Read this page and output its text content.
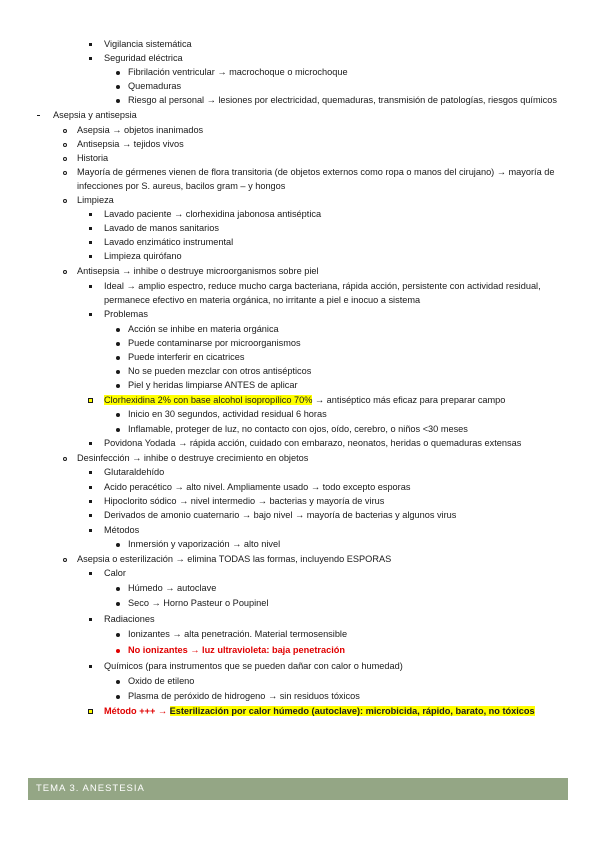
Vigilancia sistemática
Seguridad eléctrica
Fibrilación ventricular → macrochoque o microchoque
Quemaduras
Riesgo al personal → lesiones por electricidad, quemaduras, transmisión de patologías, riesgos químicos
Asepsia y antisepsia
Asepsia → objetos inanimados
Antisepsia → tejidos vivos
Historia
Mayoría de gérmenes vienen de flora transitoria (de objetos externos como ropa o manos del cirujano) → mayoría de
infecciones por S. aureus, bacilos gram – y hongos
Limpieza
Lavado paciente → clorhexidina jabonosa antiséptica
Lavado de manos sanitarios
Lavado enzimático instrumental
Limpieza quirófano
Antisepsia → inhibe o destruye microorganismos sobre piel
Ideal → amplio espectro, reduce mucho carga bacteriana, rápida acción, persistente con actividad residual,
permanece efectivo en materia orgánica, no irritante a piel e inocuo a sistema
Problemas
Acción se inhibe en materia orgánica
Puede contaminarse por microorganismos
Puede interferir en cicatrices
No se pueden mezclar con otros antisépticos
Piel y heridas limpiarse ANTES de aplicar
Clorhexidina 2% con base alcohol isopropílico 70% → antiséptico más eficaz para preparar campo
Inicio en 30 segundos, actividad residual 6 horas
Inflamable, proteger de luz, no contacto con ojos, oído, cerebro, o niños <30 meses
Povidona Yodada → rápida acción, cuidado con embarazo, neonatos, heridas o quemaduras extensas
Desinfección → inhibe o destruye crecimiento en objetos
Glutaraldehído
Acido peracético → alto nivel. Ampliamente usado → todo excepto esporas
Hipoclorito sódico → nivel intermedio → bacterias y mayoría de virus
Derivados de amonio cuaternario → bajo nivel → mayoría de bacterias y algunos virus
Métodos
Inmersión y vaporización → alto nivel
Asepsia o esterilización → elimina TODAS las formas, incluyendo ESPORAS
Calor
Húmedo → autoclave
Seco → Horno Pasteur o Poupinel
Radiaciones
Ionizantes → alta penetración. Material termosensible
No ionizantes → luz ultravioleta: baja penetración
Químicos (para instrumentos que se pueden dañar con calor o humedad)
Oxido de etileno
Plasma de peróxido de hidrogeno → sin residuos tóxicos
Método +++ → Esterilización por calor húmedo (autoclave): microbicida, rápido, barato, no tóxicos
TEMA 3. ANESTESIA
